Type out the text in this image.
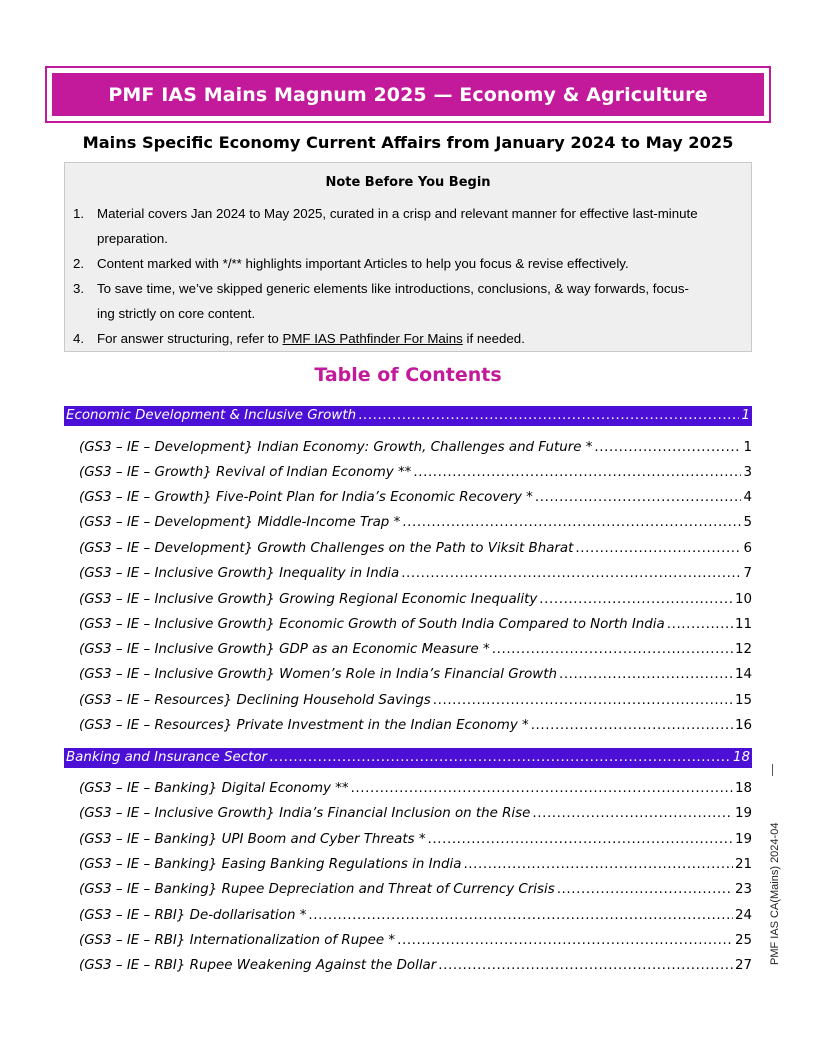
PMF IAS Mains Magnum 2025 — Economy & Agriculture
Mains Specific Economy Current Affairs from January 2024 to May 2025
Note Before You Begin
1. Material covers Jan 2024 to May 2025, curated in a crisp and relevant manner for effective last-minute
preparation.
2. Content marked with */** highlights important Articles to help you focus & revise effectively.
3. To save time, we’ve skipped generic elements like introductions, conclusions, & way forwards, focus-
ing strictly on core content.
4. For answer structuring, refer to PMF IAS Pathfinder For Mains if needed.
Table of Contents
Economic Development & Inclusive Growth .....	1
(GS3 – IE – Development} Indian Economy: Growth, Challenges and Future * .....	1
(GS3 – IE – Growth} Revival of Indian Economy ** .....	3
(GS3 – IE – Growth} Five-Point Plan for India’s Economic Recovery * .....	4
(GS3 – IE – Development} Middle-Income Trap * .....	5
(GS3 – IE – Development} Growth Challenges on the Path to Viksit Bharat .....	6
(GS3 – IE – Inclusive Growth} Inequality in India .....	7
(GS3 – IE – Inclusive Growth} Growing Regional Economic Inequality .....	10
(GS3 – IE – Inclusive Growth} Economic Growth of South India Compared to North India .....	11
(GS3 – IE – Inclusive Growth} GDP as an Economic Measure * .....	12
(GS3 – IE – Inclusive Growth} Women’s Role in India’s Financial Growth .....	14
(GS3 – IE – Resources} Declining Household Savings .....	15
(GS3 – IE – Resources} Private Investment in the Indian Economy * .....	16
Banking and Insurance Sector .....	18
(GS3 – IE – Banking} Digital Economy ** .....	18
(GS3 – IE – Inclusive Growth} India’s Financial Inclusion on the Rise .....	19
(GS3 – IE – Banking} UPI Boom and Cyber Threats * .....	19
(GS3 – IE – Banking} Easing Banking Regulations in India .....	21
(GS3 – IE – Banking} Rupee Depreciation and Threat of Currency Crisis .....	23
(GS3 – IE – RBI} De-dollarisation * .....	24
(GS3 – IE – RBI} Internationalization of Rupee * .....	25
(GS3 – IE – RBI} Rupee Weakening Against the Dollar .....	27
PMF IAS CA(Mains) 2024-04
